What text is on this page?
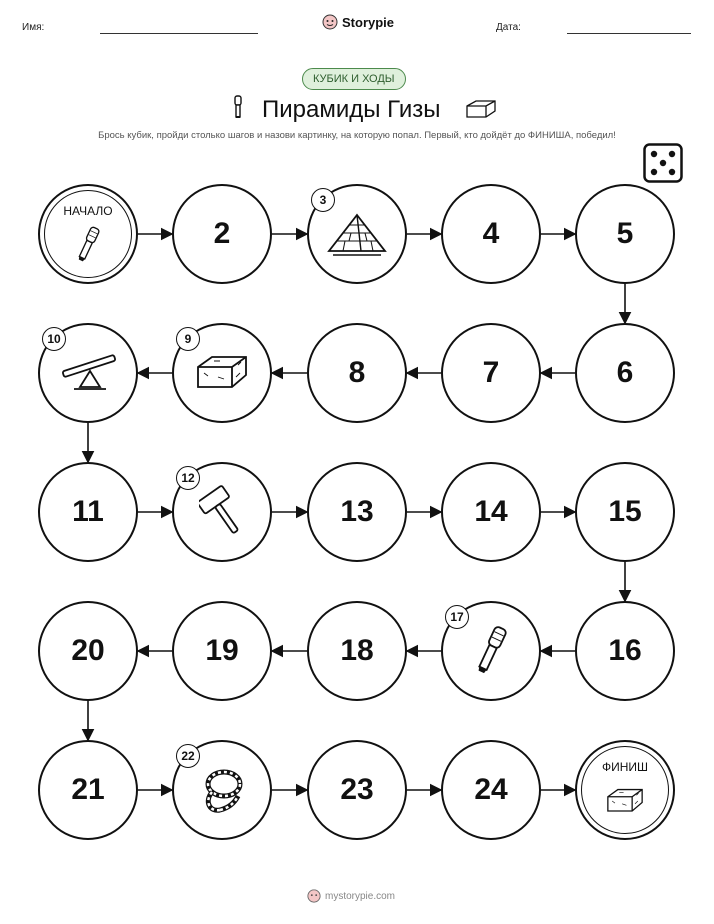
Имя:	Storypie	Дата:
КУБИК И ХОДЫ
Пирамиды Гизы
Брось кубик, пройди столько шагов и назови картинку, на которую попал. Первый, кто дойдёт до ФИНИША, победил!
НАЧАЛО
2
3
4	5
6
7
8
9
10
11
12
13	14	15
16
17
18
19
20
21
22
23	24
ФИНИШ
mystorypie.com
